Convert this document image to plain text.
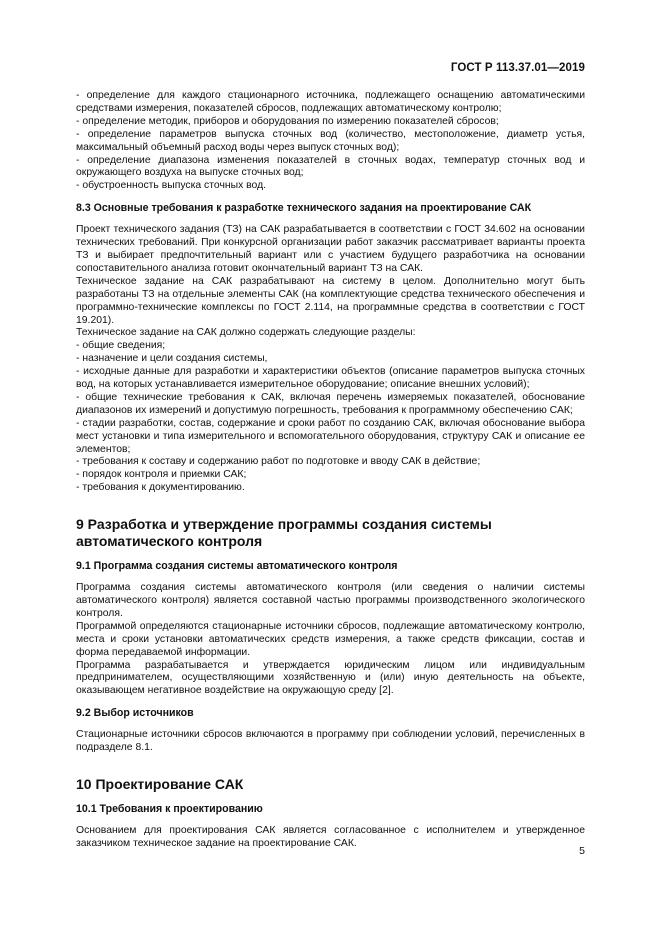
ГОСТ Р 113.37.01—2019

- определение для каждого стационарного источника, подлежащего оснащению автоматическими средствами измерения, показателей сбросов, подлежащих автоматическому контролю;

- определение методик, приборов и оборудования по измерению показателей сбросов;

- определение параметров выпуска сточных вод (количество, местоположение, диаметр устья, максимальный объемный расход воды через выпуск сточных вод);

- определение диапазона изменения показателей в сточных водах, температур сточных вод и окружающего воздуха на выпуске сточных вод;

- обустроенность выпуска сточных вод.

8.3 Основные требования к разработке технического задания на проектирование САК

Проект технического задания (ТЗ) на САК разрабатывается в соответствии с ГОСТ 34.602 на основании технических требований. При конкурсной организации работ заказчик рассматривает варианты проекта ТЗ и выбирает предпочтительный вариант или с участием будущего разработчика на основании сопоставительного анализа готовит окончательный вариант ТЗ на САК.

Техническое задание на САК разрабатывают на систему в целом. Дополнительно могут быть разработаны ТЗ на отдельные элементы САК (на комплектующие средства технического обеспечения и программно-технические комплексы по ГОСТ 2.114, на программные средства в соответствии с ГОСТ 19.201).

Техническое задание на САК должно содержать следующие разделы:

- общие сведения;

- назначение и цели создания системы,

- исходные данные для разработки и характеристики объектов (описание параметров выпуска сточных вод, на которых устанавливается измерительное оборудование; описание внешних условий);

- общие технические требования к САК, включая перечень измеряемых показателей, обоснование диапазонов их измерений и допустимую погрешность, требования к программному обеспечению САК;

- стадии разработки, состав, содержание и сроки работ по созданию САК, включая обоснование выбора мест установки и типа измерительного и вспомогательного оборудования, структуру САК и описание ее элементов;

- требования к составу и содержанию работ по подготовке и вводу САК в действие;

- порядок контроля и приемки САК;

- требования к документированию.

9 Разработка и утверждение программы создания системы автоматического контроля
9.1 Программа создания системы автоматического контроля

Программа создания системы автоматического контроля (или сведения о наличии системы автоматического контроля) является составной частью программы производственного экологического контроля.

Программой определяются стационарные источники сбросов, подлежащие автоматическому контролю, места и сроки установки автоматических средств измерения, а также средств фиксации, состав и форма передаваемой информации.

Программа разрабатывается и утверждается юридическим лицом или индивидуальным предпринимателем, осуществляющими хозяйственную и (или) иную деятельность на объекте, оказывающем негативное воздействие на окружающую среду [2].

9.2 Выбор источников

Стационарные источники сбросов включаются в программу при соблюдении условий, перечисленных в подразделе 8.1.

10 Проектирование САК
10.1 Требования к проектированию

Основанием для проектирования САК является согласованное с исполнителем и утвержденное заказчиком техническое задание на проектирование САК.

5
